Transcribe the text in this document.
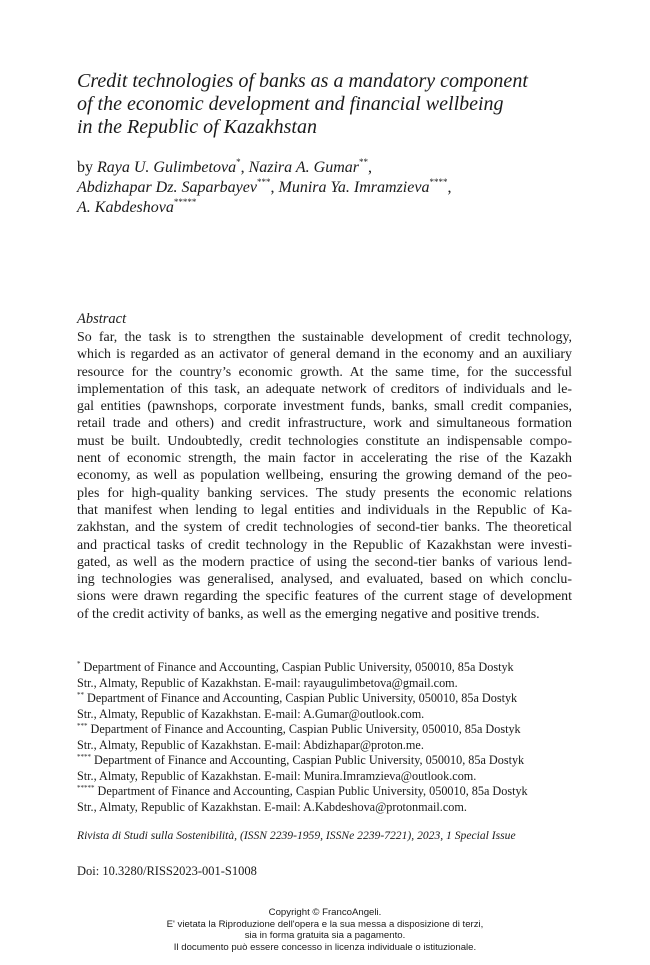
Credit technologies of banks as a mandatory component
of the economic development and financial wellbeing
in the Republic of Kazakhstan
by Raya U. Gulimbetova*, Nazira A. Gumar**,
Abdizhapar Dz. Saparbayev***, Munira Ya. Imramzieva****,
A. Kabdeshova*****
Abstract
So far, the task is to strengthen the sustainable development of credit technology,
which is regarded as an activator of general demand in the economy and an auxiliary
resource for the country’s economic growth. At the same time, for the successful
implementation of this task, an adequate network of creditors of individuals and le-
gal entities (pawnshops, corporate investment funds, banks, small credit companies,
retail trade and others) and credit infrastructure, work and simultaneous formation
must be built. Undoubtedly, credit technologies constitute an indispensable compo-
nent of economic strength, the main factor in accelerating the rise of the Kazakh
economy, as well as population wellbeing, ensuring the growing demand of the peo-
ples for high-quality banking services. The study presents the economic relations
that manifest when lending to legal entities and individuals in the Republic of Ka-
zakhstan, and the system of credit technologies of second-tier banks. The theoretical
and practical tasks of credit technology in the Republic of Kazakhstan were investi-
gated, as well as the modern practice of using the second-tier banks of various lend-
ing technologies was generalised, analysed, and evaluated, based on which conclu-
sions were drawn regarding the specific features of the current stage of development
of the credit activity of banks, as well as the emerging negative and positive trends.
* Department of Finance and Accounting, Caspian Public University, 050010, 85a Dostyk
Str., Almaty, Republic of Kazakhstan. E-mail: rayaugulimbetova@gmail.com.
** Department of Finance and Accounting, Caspian Public University, 050010, 85a Dostyk
Str., Almaty, Republic of Kazakhstan. E-mail: A.Gumar@outlook.com.
*** Department of Finance and Accounting, Caspian Public University, 050010, 85a Dostyk
Str., Almaty, Republic of Kazakhstan. E-mail: Abdizhapar@proton.me.
**** Department of Finance and Accounting, Caspian Public University, 050010, 85a Dostyk
Str., Almaty, Republic of Kazakhstan. E-mail: Munira.Imramzieva@outlook.com.
***** Department of Finance and Accounting, Caspian Public University, 050010, 85a Dostyk
Str., Almaty, Republic of Kazakhstan. E-mail: A.Kabdeshova@protonmail.com.
Rivista di Studi sulla Sostenibilità, (ISSN 2239-1959, ISSNe 2239-7221), 2023, 1 Special Issue
Doi: 10.3280/RISS2023-001-S1008
Copyright © FrancoAngeli.
E' vietata la Riproduzione dell'opera e la sua messa a disposizione di terzi,
sia in forma gratuita sia a pagamento.
Il documento può essere concesso in licenza individuale o istituzionale.
